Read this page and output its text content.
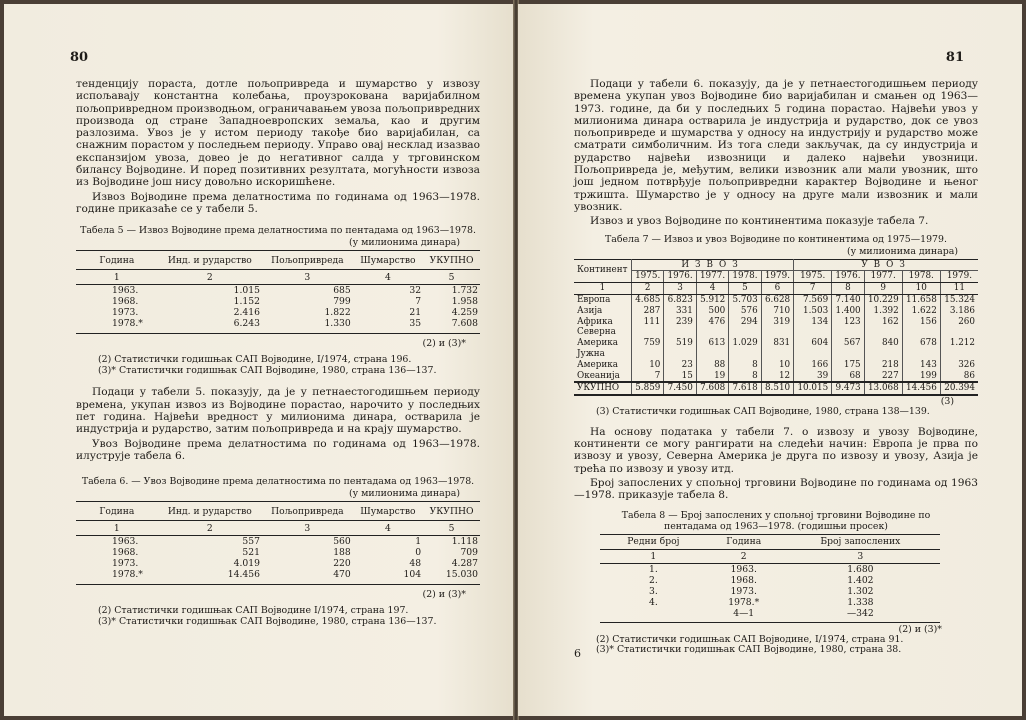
80

тенденцију пораста, дотле пољопривреда и шумарство у извозу испољавају константна колебања, проузрокована варијабилном пољопривредном производњом, ограничавањем увоза пољопривредних производа од стране Западноевропских земаља, као и другим разлозима. Увоз је у истом периоду такође био варијабилан, са снажним порастом у последњем периоду. Управо овај несклад изазвао експанзијом увоза, довео је до негативног салда у трговинском билансу Војводине. И поред позитивних резултата, могућности извоза из Војводине још нису довољно искоришћене.

Извоз Војводине према делатностима по годинама од 1963—1978. године приказаће се у табели 5.

Табела 5 — Извоз Војводине према делатностима по пентадама од 1963—1978.
(у милионима динара)
Година	Инд. и рударство	Пољопривреда	Шумарство	УКУПНО
1	2	3	4	5
1963.	1.015	685	32	1.732
1968.	1.152	799	7	1.958
1973.	2.416	1.822	21	4.259
1978.*	6.243	1.330	35	7.608
(2) и (3)*
(2) Статистички годишњак САП Војводине, I/1974, страна 196.
(3)* Статистички годишњак САП Војводине, 1980, страна 136—137.

Подаци у табели 5. показују, да је у петнаестогодишњем периоду времена, укупан извоз из Војводине порастао, нарочито у последњих пет година. Највећи вредност у милионима динара, остварила је индустрија и рударство, затим пољопривреда и на крају шумарство.

Увоз Војводине према делатностима по годинама од 1963—1978. илуструје табела 6.

Табела 6. — Увоз Војводине према делатностима по пентадама од 1963—1978.
(у милионима динара)
Година	Инд. и рударство	Пољопривреда	Шумарство	УКУПНО
1	2	3	4	5
1963.	557	560	1	1.118
1968.	521	188	0	709
1973.	4.019	220	48	4.287
1978.*	14.456	470	104	15.030
(2) и (3)*
(2) Статистички годишњак САП Војводине I/1974, страна 197.
(3)* Статистички годишњак САП Војводине, 1980, страна 136—137.
81

Подаци у табели 6. показују, да је у петнаестогодишњем периоду времена укупан увоз Војводине био варијабилан и смањен од 1963—1973. године, да би у последњих 5 година порастао. Највећи увоз у милионима динара остварила је индустрија и рударство, док се увоз пољопривреде и шумарства у односу на индустрију и рударство може сматрати симболичним. Из тога следи закључак, да су индустрија и рударство највећи извозници и далеко највећи увозници. Пољопривреда је, међутим, велики извозник али мали увозник, што још једном потврђује пољопривредни карактер Војводине и њеног тржишта. Шумарство је у односу на друге мали извозник и мали увозник.

Извоз и увоз Војводине по континентима показује табела 7.

Табела 7 — Извоз и увоз Војводине по континентима од 1975—1979.
(у милионима динара)
Континент	ИЗВОЗ					УВОЗ				
	1975.	1976.	1977.	1978.	1979.	1975.	1976.	1977.	1978.	1979.
1	2	3	4	5	6	7	8	9	10	11
Европа	4.685	6.823	5.912	5.703	6.628	7.569	7.140	10.229	11.658	15.324
Азија	287	331	500	576	710	1.503	1.400	1.392	1.622	3.186
Африка	111	239	476	294	319	134	123	162	156	260
Северна										
Америка	759	519	613	1.029	831	604	567	840	678	1.212
Јужна										
Америка	10	23	88	8	10	166	175	218	143	326
Океанија	7	15	19	8	12	39	68	227	199	86
УКУПНО	5.859	7.450	7.608	7.618	8.510	10.015	9.473	13.068	14.456	20.394
(3)
(3) Статистички годишњак САП Војводине, 1980, страна 138—139.

На основу података у табели 7. о извозу и увозу Војводине, континенти се могу рангирати на следећи начин: Европа је прва по извозу и увозу, Северна Америка је друга по извозу и увозу, Азија је трећа по извозу и увозу итд.

Број запослених у спољној трговини Војводине по годинама од 1963—1978. приказује табела 8.

Табела 8 — Број запослених у спољној трговини Војводине по пентадама од 1963—1978. (годишњи просек)
Редни број	Година	Број запослених
1	2	3
1.	1963.	1.680
2.	1968.	1.402
3.	1973.	1.302
4.	1978.*	1.338
	4—1	—342
(2) и (3)*
(2) Статистички годишњак САП Војводине, I/1974, страна 91.
(3)* Статистички годишњак САП Војводине, 1980, страна 38.
6
